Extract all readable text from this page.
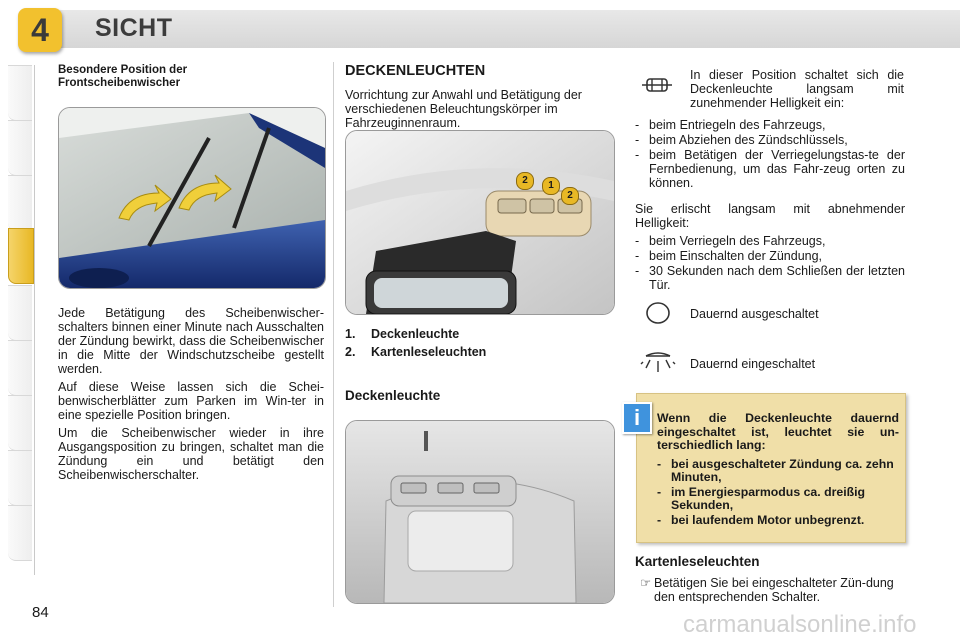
4	SICHT
Besondere Position der
Frontscheibenwischer

Jede Betätigung des Scheibenwischer-schalters binnen einer Minute nach Ausschalten der Zündung bewirkt, dass die Scheibenwischer in die Mitte der Windschutzscheibe gestellt werden.

Auf diese Weise lassen sich die Schei-benwischerblätter zum Parken im Win-ter in eine spezielle Position bringen.

Um die Scheibenwischer wieder in ihre Ausgangsposition zu bringen, schaltet man die Zündung ein und betätigt den Scheibenwischerschalter.

DECKENLEUCHTEN

Vorrichtung zur Anwahl und Betätigung der verschiedenen Beleuchtungskörper im Fahrzeuginnenraum.

2	1
2
1. Deckenleuchte
2. Kartenleseleuchten
Deckenleuchte

In dieser Position schaltet sich die Deckenleuchte langsam mit zunehmender Helligkeit ein:

- beim Entriegeln des Fahrzeugs,
- beim Abziehen des Zündschlüssels,
- beim Betätigen der Verriegelungstas-te der Fernbedienung, um das Fahr-zeug orten zu können.

Sie erlischt langsam mit abnehmender Helligkeit:

- beim Verriegeln des Fahrzeugs,
- beim Einschalten der Zündung,
- 30 Sekunden nach dem Schließen der letzten Tür.

Dauernd ausgeschaltet

Dauernd eingeschaltet

Wenn die Deckenleuchte dauernd eingeschaltet ist, leuchtet sie un-terschiedlich lang:

- bei ausgeschalteter Zündung ca. zehn Minuten,
- im Energiesparmodus ca. dreißig Sekunden,
- bei laufendem Motor unbegrenzt.
i
Kartenleseleuchten
☞ Betätigen Sie bei eingeschalteter Zün-dung den entsprechenden Schalter.

84	carmanualsonline.info
